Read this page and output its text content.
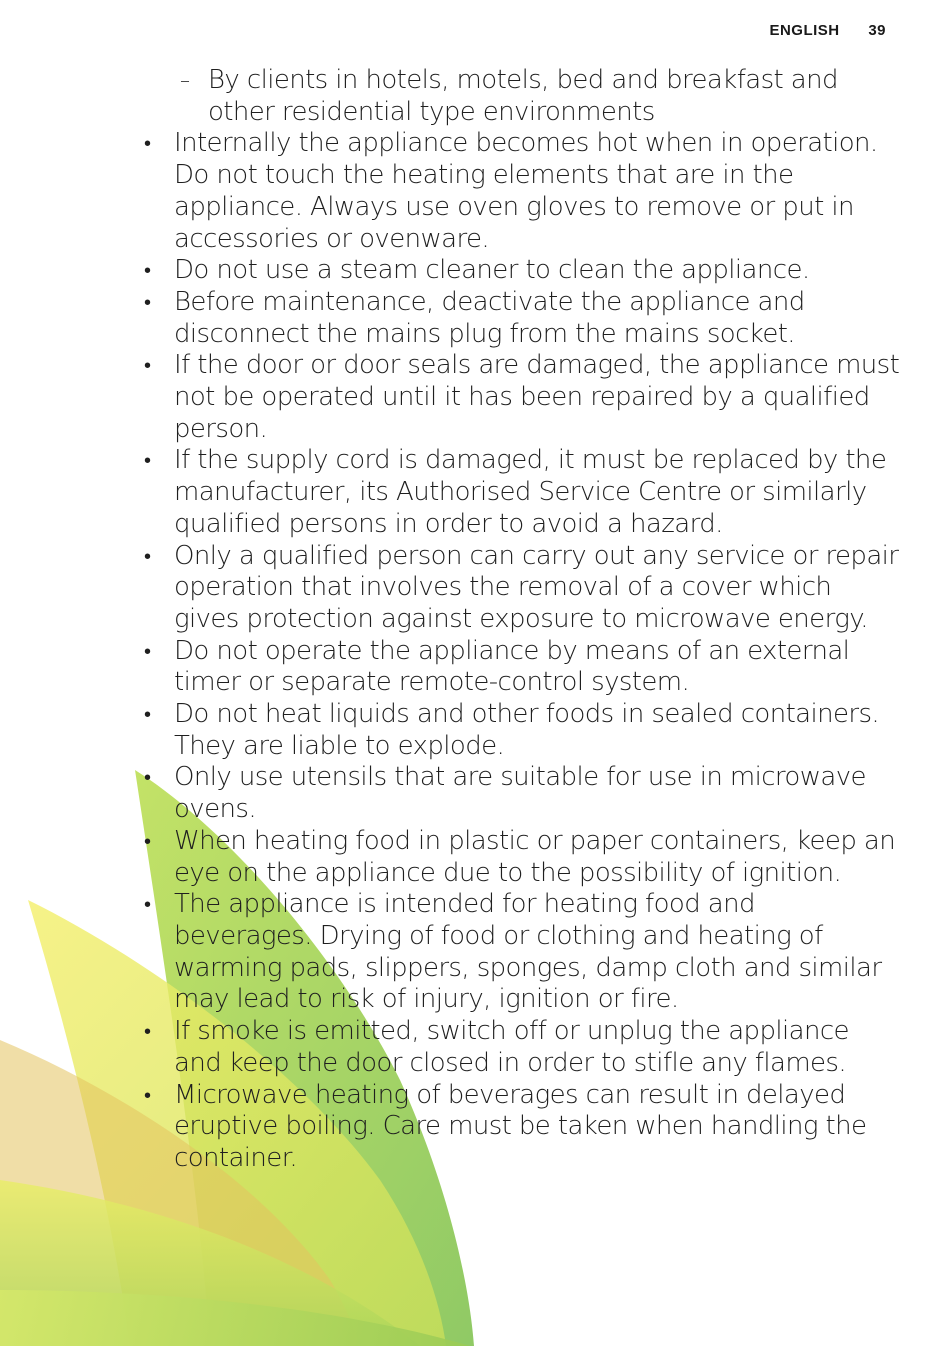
ENGLISH 39
– By clients in hotels, motels, bed and breakfast and other residential type environments
• Internally the appliance becomes hot when in operation. Do not touch the heating elements that are in the appliance. Always use oven gloves to remove or put in accessories or ovenware.
• Do not use a steam cleaner to clean the appliance.
• Before maintenance, deactivate the appliance and disconnect the mains plug from the mains socket.
• If the door or door seals are damaged, the appliance must not be operated until it has been repaired by a qualified person.
• If the supply cord is damaged, it must be replaced by the manufacturer, its Authorised Service Centre or similarly qualified persons in order to avoid a hazard.
• Only a qualified person can carry out any service or repair operation that involves the removal of a cover which gives protection against exposure to microwave energy.
• Do not operate the appliance by means of an external timer or separate remote-control system.
• Do not heat liquids and other foods in sealed containers. They are liable to explode.
• Only use utensils that are suitable for use in microwave ovens.
• When heating food in plastic or paper containers, keep an eye on the appliance due to the possibility of ignition.
• The appliance is intended for heating food and beverages. Drying of food or clothing and heating of warming pads, slippers, sponges, damp cloth and similar may lead to risk of injury, ignition or fire.
• If smoke is emitted, switch off or unplug the appliance and keep the door closed in order to stifle any flames.
• Microwave heating of beverages can result in delayed eruptive boiling. Care must be taken when handling the container.
